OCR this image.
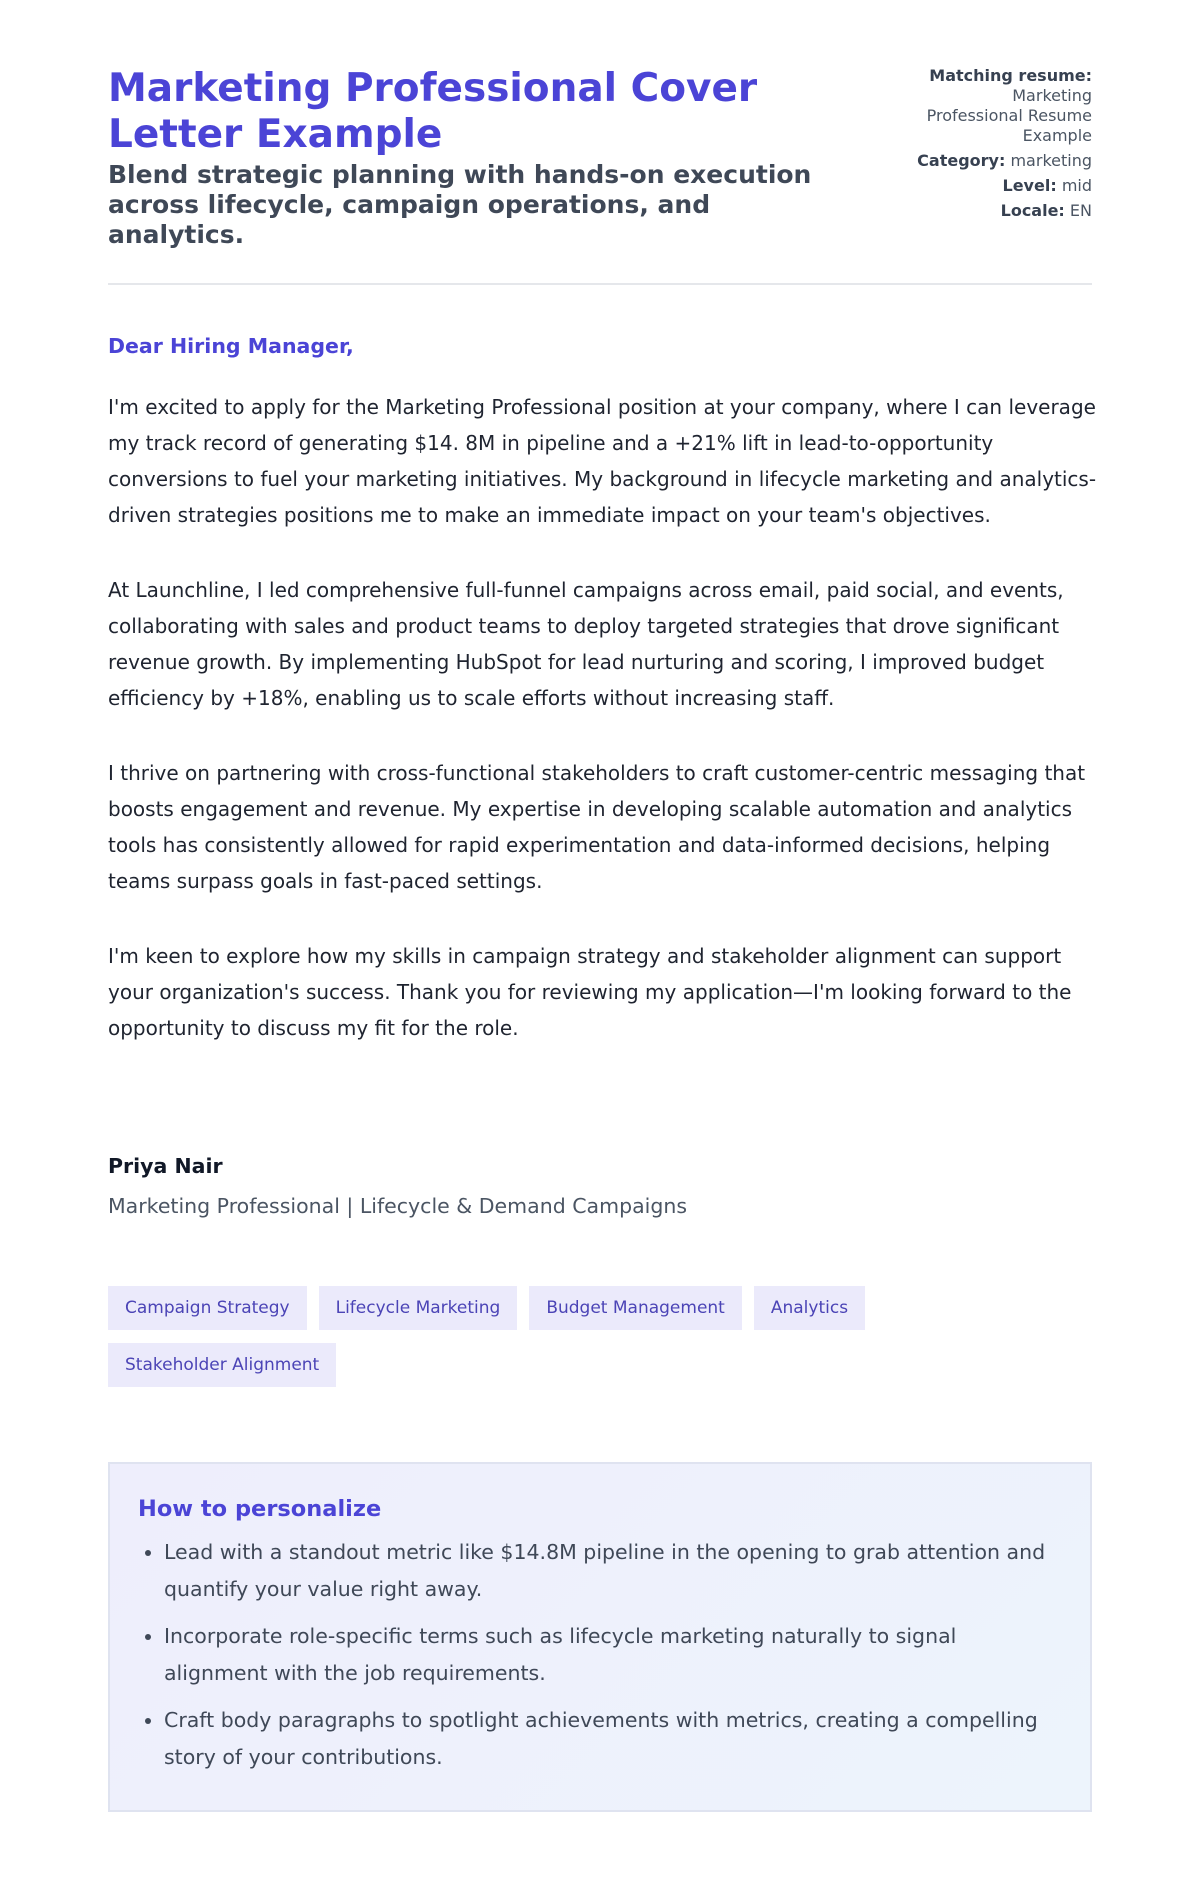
Marketing Professional Cover Letter Example
Blend strategic planning with hands-on execution across lifecycle, campaign operations, and analytics.
Matching resume:
Marketing Professional Resume Example
Category: marketing
Level: mid
Locale: EN
Dear Hiring Manager,

I'm excited to apply for the Marketing Professional position at your company, where I can leverage my track record of generating $14. 8M in pipeline and a +21% lift in lead-to-opportunity conversions to fuel your marketing initiatives. My background in lifecycle marketing and analytics-driven strategies positions me to make an immediate impact on your team's objectives.

At Launchline, I led comprehensive full-funnel campaigns across email, paid social, and events, collaborating with sales and product teams to deploy targeted strategies that drove significant revenue growth. By implementing HubSpot for lead nurturing and scoring, I improved budget efficiency by +18%, enabling us to scale efforts without increasing staff.

I thrive on partnering with cross-functional stakeholders to craft customer-centric messaging that boosts engagement and revenue. My expertise in developing scalable automation and analytics tools has consistently allowed for rapid experimentation and data-informed decisions, helping teams surpass goals in fast-paced settings.

I'm keen to explore how my skills in campaign strategy and stakeholder alignment can support your organization's success. Thank you for reviewing my application—I'm looking forward to the opportunity to discuss my fit for the role.

Priya Nair
Marketing Professional | Lifecycle & Demand Campaigns
Campaign Strategy	Lifecycle Marketing	Budget Management	Analytics
Stakeholder Alignment
How to personalize
• Lead with a standout metric like $14.8M pipeline in the opening to grab attention and quantify your value right away.
• Incorporate role-specific terms such as lifecycle marketing naturally to signal alignment with the job requirements.
• Craft body paragraphs to spotlight achievements with metrics, creating a compelling story of your contributions.
